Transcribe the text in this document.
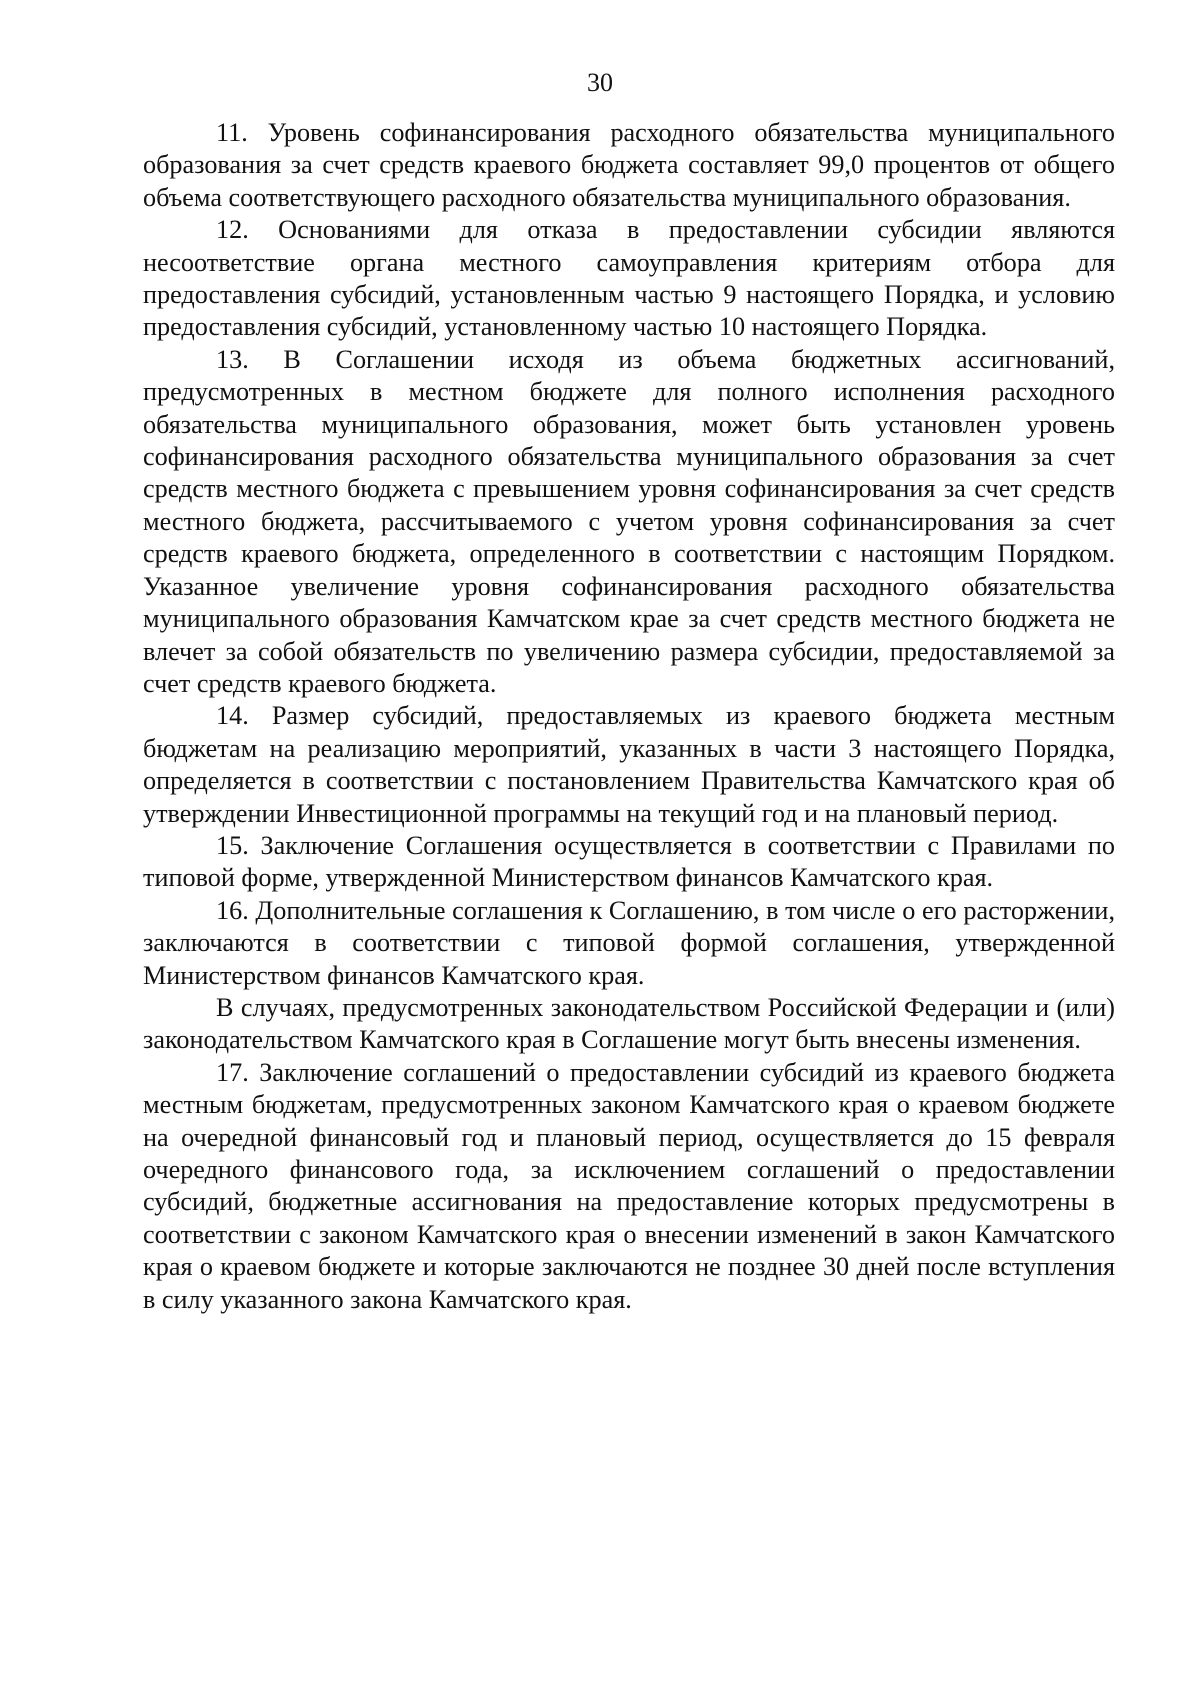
30

11. Уровень софинансирования расходного обязательства муниципального образования за счет средств краевого бюджета составляет 99,0 процентов от общего объема соответствующего расходного обязательства муниципального образования.

12. Основаниями для отказа в предоставлении субсидии являются несоответствие органа местного самоуправления критериям отбора для предоставления субсидий, установленным частью 9 настоящего Порядка, и условию предоставления субсидий, установленному частью 10 настоящего Порядка.

13. В Соглашении исходя из объема бюджетных ассигнований, предусмотренных в местном бюджете для полного исполнения расходного обязательства муниципального образования, может быть установлен уровень софинансирования расходного обязательства муниципального образования за счет средств местного бюджета с превышением уровня софинансирования за счет средств местного бюджета, рассчитываемого с учетом уровня софинансирования за счет средств краевого бюджета, определенного в соответствии с настоящим Порядком. Указанное увеличение уровня софинансирования расходного обязательства муниципального образования Камчатском крае за счет средств местного бюджета не влечет за собой обязательств по увеличению размера субсидии, предоставляемой за счет средств краевого бюджета.

14. Размер субсидий, предоставляемых из краевого бюджета местным бюджетам на реализацию мероприятий, указанных в части 3 настоящего Порядка, определяется в соответствии с постановлением Правительства Камчатского края об утверждении Инвестиционной программы на текущий год и на плановый период.

15. Заключение Соглашения осуществляется в соответствии с Правилами по типовой форме, утвержденной Министерством финансов Камчатского края.

16. Дополнительные соглашения к Соглашению, в том числе о его расторжении, заключаются в соответствии с типовой формой соглашения, утвержденной Министерством финансов Камчатского края.

В случаях, предусмотренных законодательством Российской Федерации и (или) законодательством Камчатского края в Соглашение могут быть внесены изменения.

17. Заключение соглашений о предоставлении субсидий из краевого бюджета местным бюджетам, предусмотренных законом Камчатского края о краевом бюджете на очередной финансовый год и плановый период, осуществляется до 15 февраля очередного финансового года, за исключением соглашений о предоставлении субсидий, бюджетные ассигнования на предоставление которых предусмотрены в соответствии с законом Камчатского края о внесении изменений в закон Камчатского края о краевом бюджете и которые заключаются не позднее 30 дней после вступления в силу указанного закона Камчатского края.
